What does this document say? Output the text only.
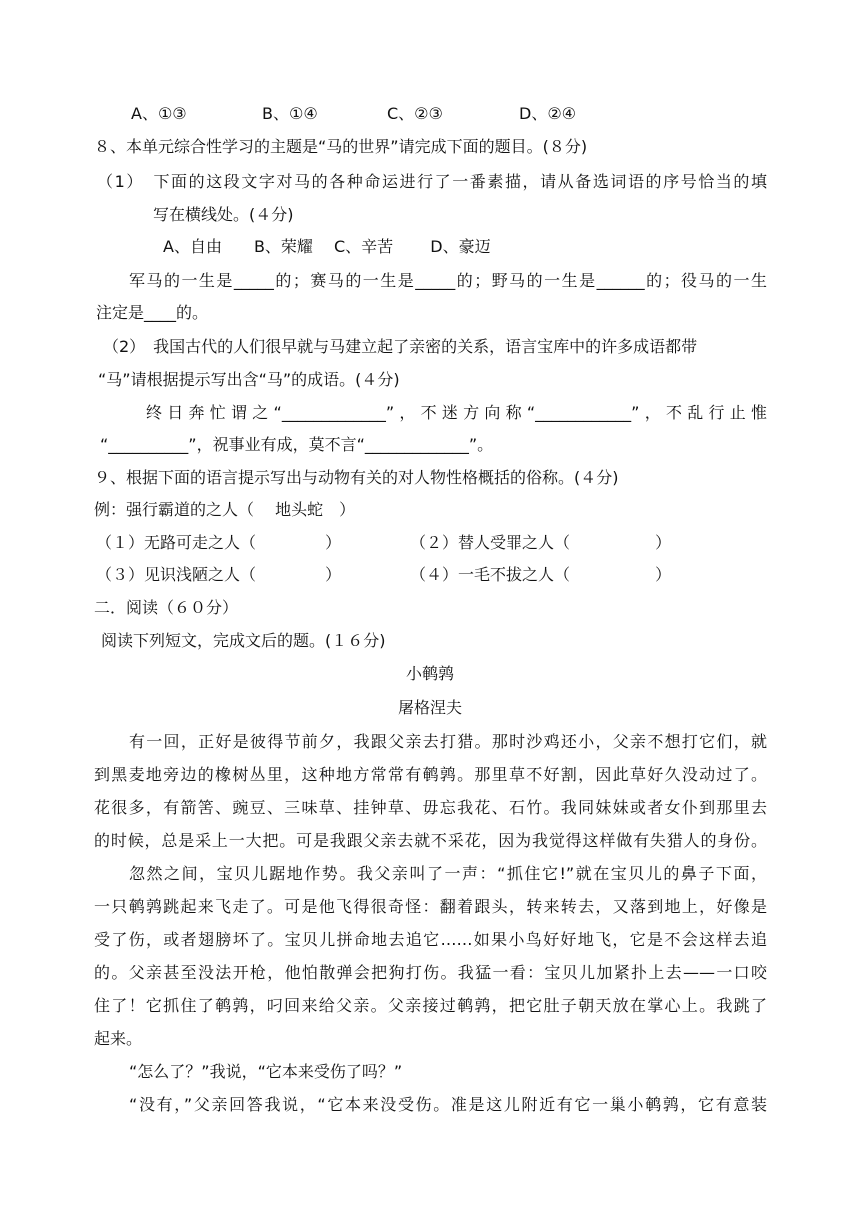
A、①③	B、①④	C、②③	D、②④
８、本单元综合性学习的主题是“马的世界”请完成下面的题目。(８分)
（1）　下面的这段文字对马的各种命运进行了一番素描，请从备选词语的序号恰当的填
写在横线处。(４分)
A、自由　　B、荣耀　 C、辛苦　　 D、豪迈
军马的一生是_____的；赛马的一生是_____的；野马的一生是______的；役马的一生
注定是____的。
（2）　我国古代的人们很早就与马建立起了亲密的关系，语言宝库中的许多成语都带
“马”请根据提示写出含“马”的成语。(４分)
终日奔忙谓之“_____________”，不迷方向称“____________”，不乱行止惟
“__________”，祝事业有成，莫不言“_____________”。
９、根据下面的语言提示写出与动物有关的对人物性格概括的俗称。(４分)
例：强行霸道的之人（　 地头蛇　）
（１）无路可走之人（　　　　 ）	（２）替人受罪之人（　　　　　 ）
（３）见识浅陋之人（　　　　 ）	（４）一毛不拔之人（　　　　　 ）
二．阅读（６０分）
阅读下列短文，完成文后的题。(１６分)
小鹌鹑
屠格涅夫
有一回，正好是彼得节前夕，我跟父亲去打猎。那时沙鸡还小，父亲不想打它们，就
到黑麦地旁边的橡树丛里，这种地方常常有鹌鹑。那里草不好割，因此草好久没动过了。
花很多，有箭筈、豌豆、三味草、挂钟草、毋忘我花、石竹。我同妹妹或者女仆到那里去
的时候，总是采上一大把。可是我跟父亲去就不采花，因为我觉得这样做有失猎人的身份。
忽然之间，宝贝儿踞地作势。我父亲叫了一声：“抓住它!”就在宝贝儿的鼻子下面，
一只鹌鹑跳起来飞走了。可是他飞得很奇怪：翻着跟头，转来转去，又落到地上，好像是
受了伤，或者翅膀坏了。宝贝儿拼命地去追它……如果小鸟好好地飞，它是不会这样去追
的。父亲甚至没法开枪，他怕散弹会把狗打伤。我猛一看：宝贝儿加紧扑上去——一口咬
住了！它抓住了鹌鹑，叼回来给父亲。父亲接过鹌鹑，把它肚子朝天放在掌心上。我跳了
起来。
“怎么了？”我说，“它本来受伤了吗？”
“没有，”父亲回答我说，“它本来没受伤。准是这儿附近有它一巢小鹌鹑，它有意装
